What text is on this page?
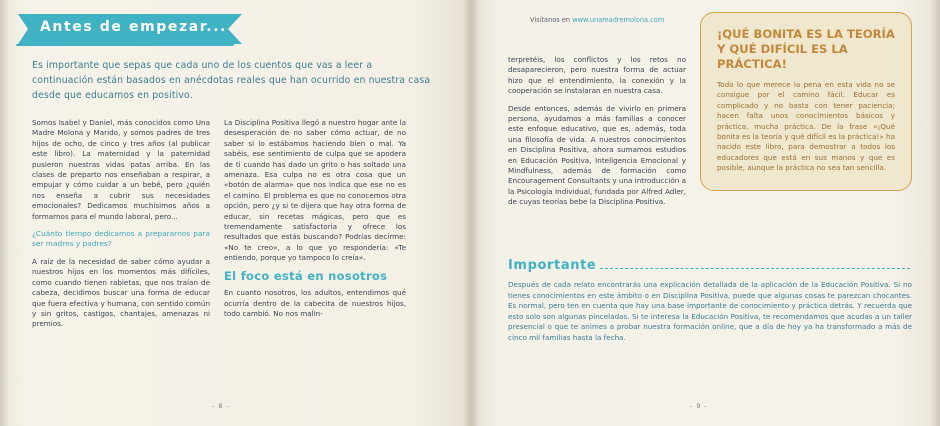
Antes de empezar...
Es importante que sepas que cada uno de los cuentos que vas a leer a continuación están basados en anécdotas reales que han ocurrido en nuestra casa desde que educamos en positivo.

Somos Isabel y Daniel, más conocidos como Una Madre Molona y Marido, y somos padres de tres hijos de ocho, de cinco y tres años (al publicar este libro). La maternidad y la paternidad pusieron nuestras vidas patas arriba. En las clases de preparto nos enseñaban a respirar, a empujar y cómo cuidar a un bebé, pero ¿quién nos enseña a cubrir sus necesidades emocionales? Dedicamos muchísimos años a formarnos para el mundo laboral, pero...

¿Cuánto tiempo dedicamos a prepararnos para ser madres y padres?

A raíz de la necesidad de saber cómo ayudar a nuestros hijos en los momentos más difíciles, como cuando tienen rabietas, que nos traían de cabeza, decidimos buscar una forma de educar que fuera efectiva y humana, con sentido común y sin gritos, castigos, chantajes, amenazas ni premios.

La Disciplina Positiva llegó a nuestro hogar ante la desesperación de no saber cómo actuar, de no saber si lo estábamos haciendo bien o mal. Ya sabéis, ese sentimiento de culpa que se apodera de ti cuando has dado un grito o has soltado una amenaza. Esa culpa no es otra cosa que un «botón de alarma» que nos indica que ese no es el camino. El problema es que no conocemos otra opción, pero ¿y si te dijera que hay otra forma de educar, sin recetas mágicas, pero que es tremendamente satisfactoria y ofrece los resultados que estás buscando? Podrías decirme: «No te creo», a lo que yo respondería: «Te entiendo, porque yo tampoco lo creía».

El foco está en nosotros

En cuanto nosotros, los adultos, entendimos qué ocurría dentro de la cabecita de nuestros hijos, todo cambió. No nos malin-

- 8 -
Visítanos en www.unamadremolona.com

terpretéis, los conflictos y los retos no desaparecieron, pero nuestra forma de actuar hizo que el entendimiento, la conexión y la cooperación se instalaran en nuestra casa.

Desde entonces, además de vivirlo en primera persona, ayudamos a más familias a conocer este enfoque educativo, que es, además, toda una filosofía de vida. A nuestros conocimientos en Disciplina Positiva, ahora sumamos estudios en Educación Positiva, Inteligencia Emocional y Mindfulness, además de formación como Encouragement Consultants y una introducción a la Psicología Individual, fundada por Alfred Adler, de cuyas teorías bebe la Disciplina Positiva.

¡QUÉ BONITA ES LA TEORÍA Y QUÉ DIFÍCIL ES LA PRÁCTICA!

Todo lo que merece la pena en esta vida no se consigue por el camino fácil. Educar es complicado y no basta con tener paciencia; hacen falta unos conocimientos básicos y práctica, mucha práctica. De la frase «¡Qué bonita es la teoría y qué difícil es la práctica!» ha nacido este libro, para demostrar a todos los educadores que está en sus manos y que es posible, aunque la práctica no sea tan sencilla.

Importante

Después de cada relato encontrarás una explicación detallada de la aplicación de la Educación Positiva. Si no tienes conocimientos en este ámbito o en Disciplina Positiva, puede que algunas cosas te parezcan chocantes. Es normal, pero ten en cuenta que hay una base importante de conocimiento y práctica detrás. Y recuerda que esto solo son algunas pinceladas. Si te interesa la Educación Positiva, te recomendamos que acudas a un taller presencial o que te animes a probar nuestra formación online, que a día de hoy ya ha transformado a más de cinco mil familias hasta la fecha.

- 9 -
